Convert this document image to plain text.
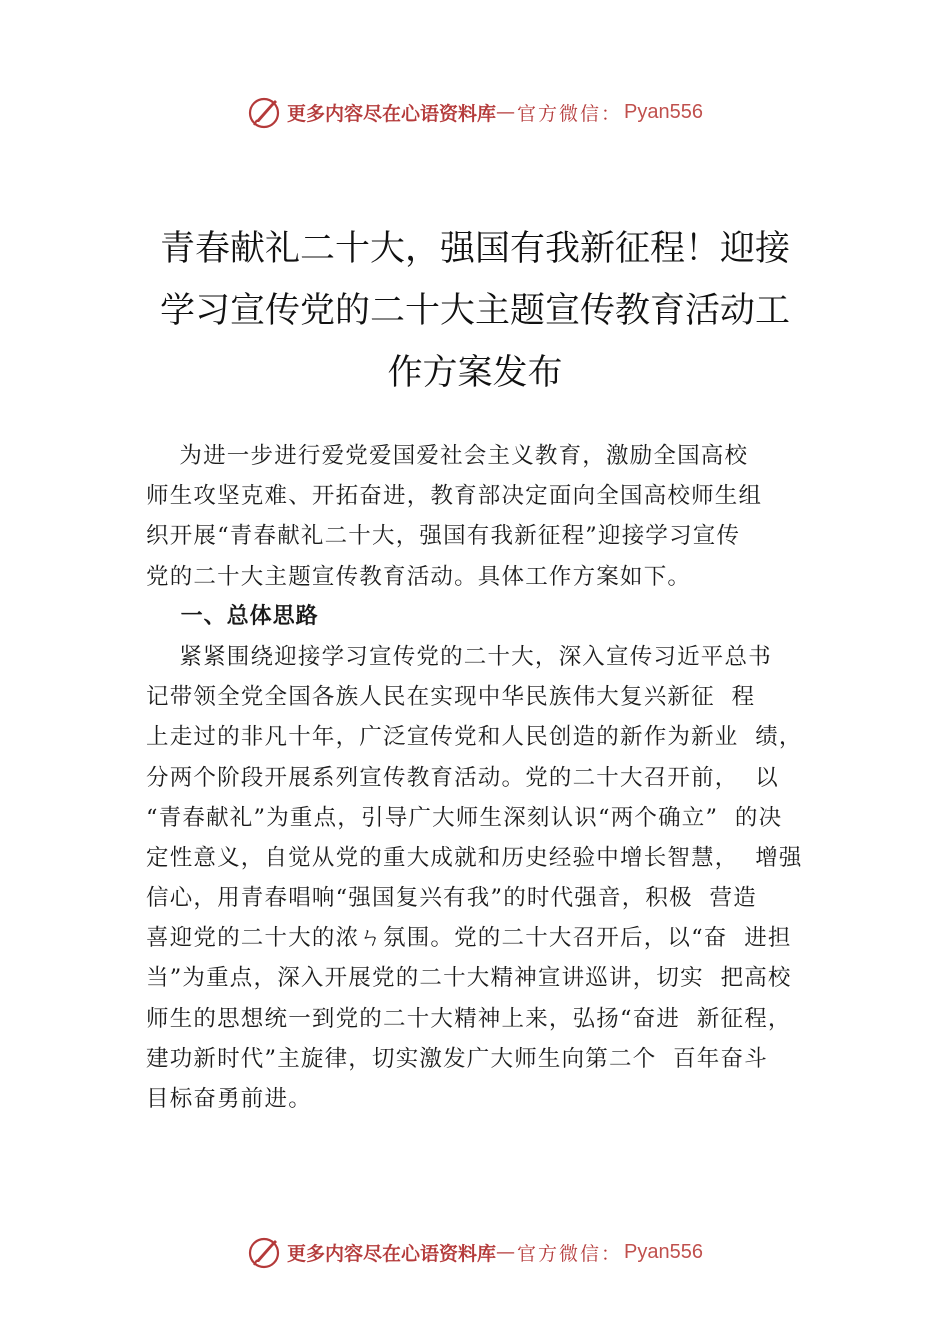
更多内容尽在心语资料库 — 官方微信： Pyan556
青春献礼二十大，强国有我新征程！迎接
学习宣传党的二十大主题宣传教育活动工
作方案发布
为进一步进行爱党爱国爱社会主义教育，激励全国高校
师生攻坚克难、开拓奋进，教育部决定面向全国高校师生组
织开展“青春献礼二十大，强国有我新征程”迎接学习宣传
党的二十大主题宣传教育活动。具体工作方案如下。
一、总体思路
紧紧围绕迎接学习宣传党的二十大，深入宣传习近平总书
记带领全党全国各族人民在实现中华民族伟大复兴新征  程
上走过的非凡十年，广泛宣传党和人民创造的新作为新业  绩，
分两个阶段开展系列宣传教育活动。党的二十大召开前，  以
“青春献礼”为重点，引导广大师生深刻认识“两个确立”  的决
定性意义，自觉从党的重大成就和历史经验中增长智慧，  增强
信心，用青春唱响“强国复兴有我”的时代强音，积极  营造
喜迎党的二十大的浓ㄣ氛围。党的二十大召开后，以“奋  进担
当”为重点，深入开展党的二十大精神宣讲巡讲，切实  把高校
师生的思想统一到党的二十大精神上来，弘扬“奋进  新征程，
建功新时代”主旋律，切实激发广大师生向第二个  百年奋斗
目标奋勇前进。
更多内容尽在心语资料库 — 官方微信： Pyan556
